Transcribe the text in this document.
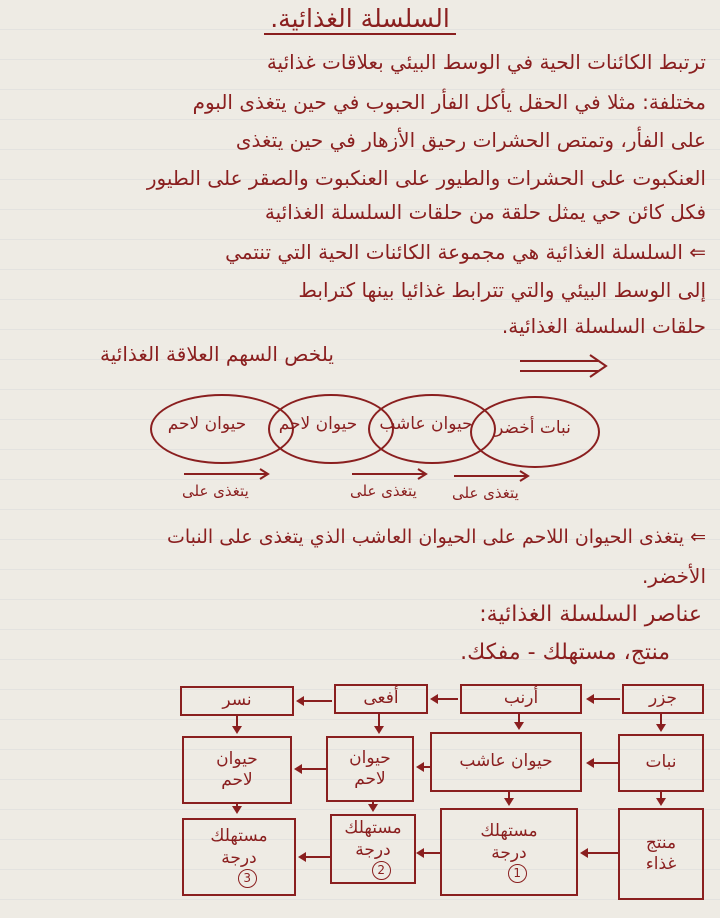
السلسلة الغذائية.
ترتبط الكائنات الحية في الوسط البيئي بعلاقات غذائية
مختلفة: مثلا في الحقل يأكل الفأر الحبوب في حين يتغذى البوم
على الفأر، وتمتص الحشرات رحيق الأزهار في حين يتغذى
العنكبوت على الحشرات والطيور على العنكبوت والصقر على الطيور
فكل كائن حي يمثل حلقة من حلقات السلسلة الغذائية
⇐ السلسلة الغذائية هي مجموعة الكائنات الحية التي تنتمي
إلى الوسط البيئي والتي تترابط غذائيا بينها كترابط
حلقات السلسلة الغذائية.
يلخص السهم العلاقة الغذائية
نبات أخضر
حيوان عاشب
حيوان لاحم
حيوان لاحم
يتغذى على	يتغذى على يتغذى على
⇐ يتغذى الحيوان اللاحم على الحيوان العاشب الذي يتغذى على النبات
الأخضر.
عناصر السلسلة الغذائية:
منتج، مستهلك - مفكك.
جزر
أرنب
أفعى
نسر
نبات
حيوان عاشب
حيوان لاحم
حيوان لاحم
منتج
غذاء
مستهلك
درجة
1
مستهلك
درجة
2
مستهلك
درجة
3
